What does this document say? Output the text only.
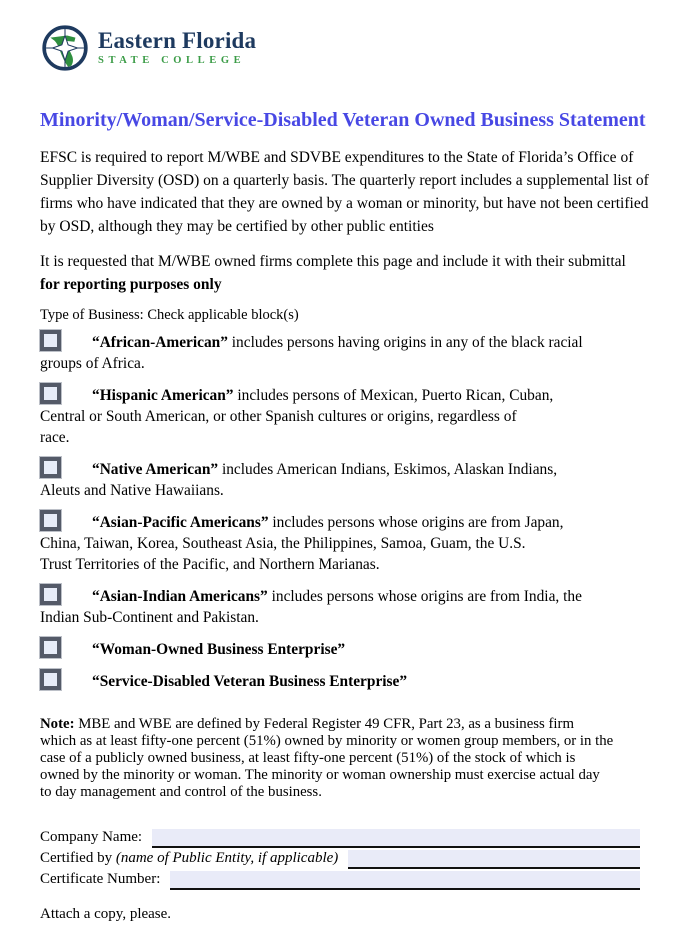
Eastern Florida
STATE COLLEGE
Minority/Woman/Service-Disabled Veteran Owned Business Statement

EFSC is required to report M/WBE and SDVBE expenditures to the State of Florida’s Office of Supplier Diversity (OSD) on a quarterly basis. The quarterly report includes a supplemental list of firms who have indicated that they are owned by a woman or minority, but have not been certified by OSD, although they may be certified by other public entities

It is requested that M/WBE owned firms complete this page and include it with their submittal
for reporting purposes only

Type of Business: Check applicable block(s)

“African-American” includes persons having origins in any of the black racial
groups of Africa.
“Hispanic American” includes persons of Mexican, Puerto Rican, Cuban,
Central or South American, or other Spanish cultures or origins, regardless of
race.
“Native American” includes American Indians, Eskimos, Alaskan Indians,
Aleuts and Native Hawaiians.
“Asian-Pacific Americans” includes persons whose origins are from Japan,
China, Taiwan, Korea, Southeast Asia, the Philippines, Samoa, Guam, the U.S.
Trust Territories of the Pacific, and Northern Marianas.
“Asian-Indian Americans” includes persons whose origins are from India, the
Indian Sub-Continent and Pakistan.
“Woman-Owned Business Enterprise”
“Service-Disabled Veteran Business Enterprise”

Note: MBE and WBE are defined by Federal Register 49 CFR, Part 23, as a business firm
which as at least fifty-one percent (51%) owned by minority or women group members, or in the
case of a publicly owned business, at least fifty-one percent (51%) of the stock of which is
owned by the minority or woman. The minority or woman ownership must exercise actual day
to day management and control of the business.

Company Name:
Certified by (name of Public Entity, if applicable)
Certificate Number:

Attach a copy, please.
